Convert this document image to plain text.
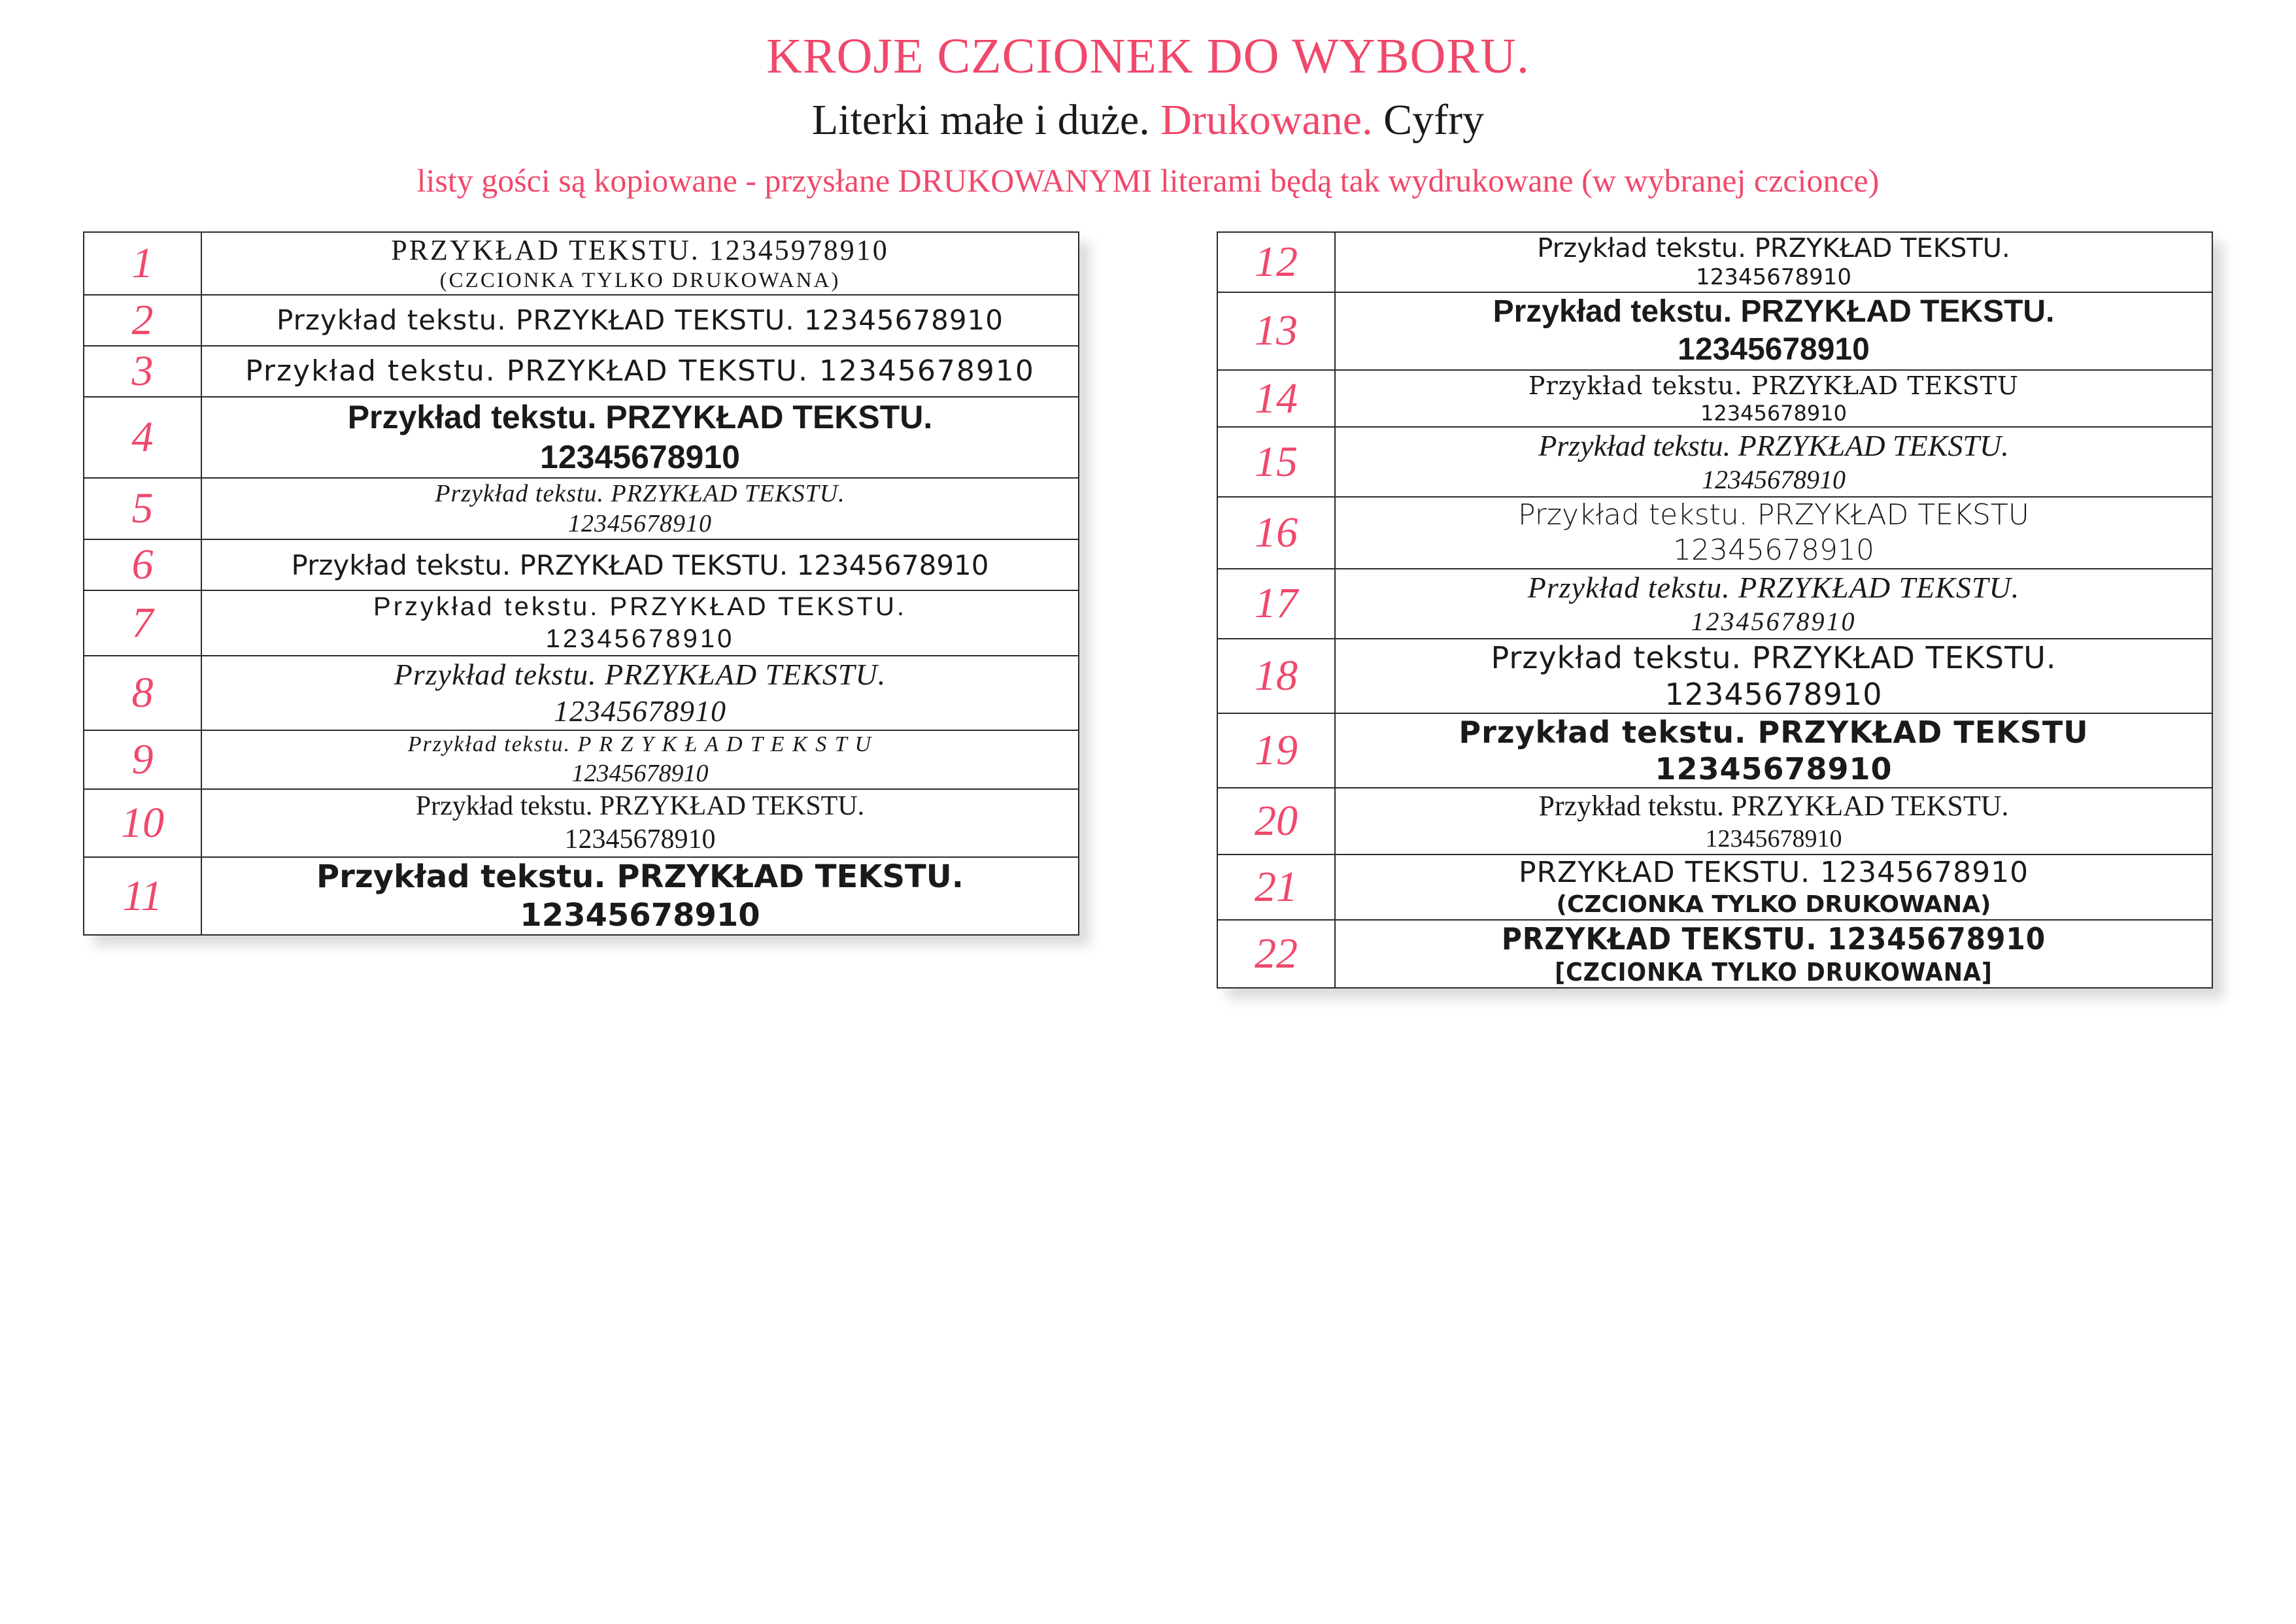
KROJE CZCIONEK DO WYBORU.
Literki małe i duże. Drukowane. Cyfry
listy gości są kopiowane - przysłane DRUKOWANYMI literami będą tak wydrukowane (w wybranej czcionce)
1	PRZYKŁAD TEKSTU. 12345978910
(CZCIONKA TYLKO DRUKOWANA)

2	Przykład tekstu. PRZYKŁAD TEKSTU. 12345678910

3	Przykład tekstu. PRZYKŁAD TEKSTU. 12345678910

4	Przykład tekstu. PRZYKŁAD TEKSTU.
12345678910

5	Przykład tekstu. PRZYKŁAD TEKSTU.
12345678910

6	Przykład tekstu. PRZYKŁAD TEKSTU. 12345678910

7	Przykład tekstu. PRZYKŁAD TEKSTU.
12345678910

8	Przykład tekstu. PRZYKŁAD TEKSTU.
12345678910

9	Przykład tekstu. P R Z Y K Ł A D T E K S T U
12345678910

10	Przykład tekstu. PRZYKŁAD TEKSTU.
12345678910

11	Przykład tekstu. PRZYKŁAD TEKSTU.
12345678910
12	Przykład tekstu. PRZYKŁAD TEKSTU.
12345678910

13	Przykład tekstu. PRZYKŁAD TEKSTU.
12345678910

14	Przykład tekstu. PRZYKŁAD TEKSTU
12345678910

15	Przykład tekstu. PRZYKŁAD TEKSTU.
12345678910

16	Przykład tekstu. PRZYKŁAD TEKSTU
12345678910

17	Przykład tekstu. PRZYKŁAD TEKSTU.
12345678910

18	Przykład tekstu. PRZYKŁAD TEKSTU.
12345678910

19	Przykład tekstu. PRZYKŁAD TEKSTU
12345678910

20	Przykład tekstu. PRZYKŁAD TEKSTU.
12345678910

21	PRZYKŁAD TEKSTU. 12345678910
(CZCIONKA TYLKO DRUKOWANA)

22	PRZYKŁAD TEKSTU. 12345678910
[CZCIONKA TYLKO DRUKOWANA]
